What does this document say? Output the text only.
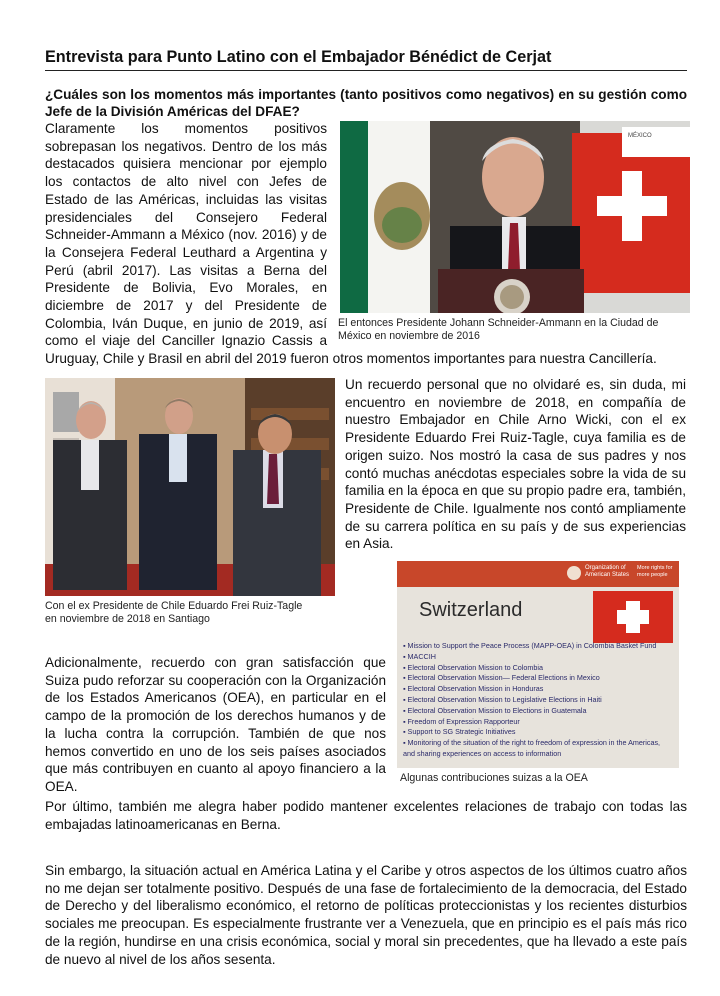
Entrevista para Punto Latino con el Embajador Bénédict de Cerjat
¿Cuáles son los momentos más importantes (tanto positivos como negativos) en su gestión como Jefe de la División Américas del DFAE?
Claramente los momentos positivos sobrepasan los negativos. Dentro de los más destacados quisiera mencionar por ejemplo los contactos de alto nivel con Jefes de Estado de las Américas, incluidas las visitas presidenciales del Consejero Federal Schneider-Ammann a México (nov. 2016) y de la Consejera Federal Leuthard a Argentina y Perú (abril 2017). Las visitas a Berna del Presidente de Bolivia, Evo Morales, en diciembre de 2017 y del Presidente de Colombia, Iván Duque, en junio de 2019, así como el viaje del Canciller Ignazio Cassis a Uruguay, Chile y Brasil en abril del 2019 fueron otros momentos importantes para nuestra Cancillería.
MÉXICO
El entonces Presidente Johann Schneider-Ammann en la Ciudad de México en noviembre de 2016
Con el ex Presidente de Chile Eduardo Frei Ruiz-Tagle
en noviembre de 2018 en Santiago
Un recuerdo personal que no olvidaré es, sin duda, mi encuentro en noviembre de 2018, en compañía de nuestro Embajador en Chile Arno Wicki, con el ex Presidente Eduardo Frei Ruiz-Tagle, cuya familia es de origen suizo. Nos mostró la casa de sus padres y nos contó muchas anécdotas especiales sobre la vida de su familia en la época en que su propio padre era, también, Presidente de Chile. Igualmente nos contó ampliamente de su carrera política en su país y de sus experiencias en Asia.
Organization of American States
More rights for more people
Switzerland
▪ Mission to Support the Peace Process (MAPP-OEA) in Colombia Basket Fund
▪ MACCIH
▪ Electoral Observation Mission to Colombia
▪ Electoral Observation Mission— Federal Elections in Mexico
▪ Electoral Observation Mission in Honduras
▪ Electoral Observation Mission to Legislative Elections in Haiti
▪ Electoral Observation Mission to Elections in Guatemala
▪ Freedom of Expression Rapporteur
▪ Support to SG Strategic Initiatives
▪ Monitoring of the situation of the right to freedom of expression in the Americas, and sharing experiences on access to information
Algunas contribuciones suizas a la OEA
Adicionalmente, recuerdo con gran satisfacción que Suiza pudo reforzar su cooperación con la Organización de los Estados Americanos (OEA), en particular en el campo de la promoción de los derechos humanos y de la lucha contra la corrupción. También de que nos hemos convertido en uno de los seis países asociados que más contribuyen en cuanto al apoyo financiero a la OEA.
Por último, también me alegra haber podido mantener excelentes relaciones de trabajo con todas las embajadas latinoamericanas en Berna.
Sin embargo, la situación actual en América Latina y el Caribe y otros aspectos de los últimos cuatro años no me dejan ser totalmente positivo. Después de una fase de fortalecimiento de la democracia, del Estado de Derecho y del liberalismo económico, el retorno de políticas proteccionistas y los recientes disturbios sociales me preocupan. Es especialmente frustrante ver a Venezuela, que en principio es el país más rico de la región, hundirse en una crisis económica, social y moral sin precedentes, que ha llevado a este país de nuevo al nivel de los años sesenta.
